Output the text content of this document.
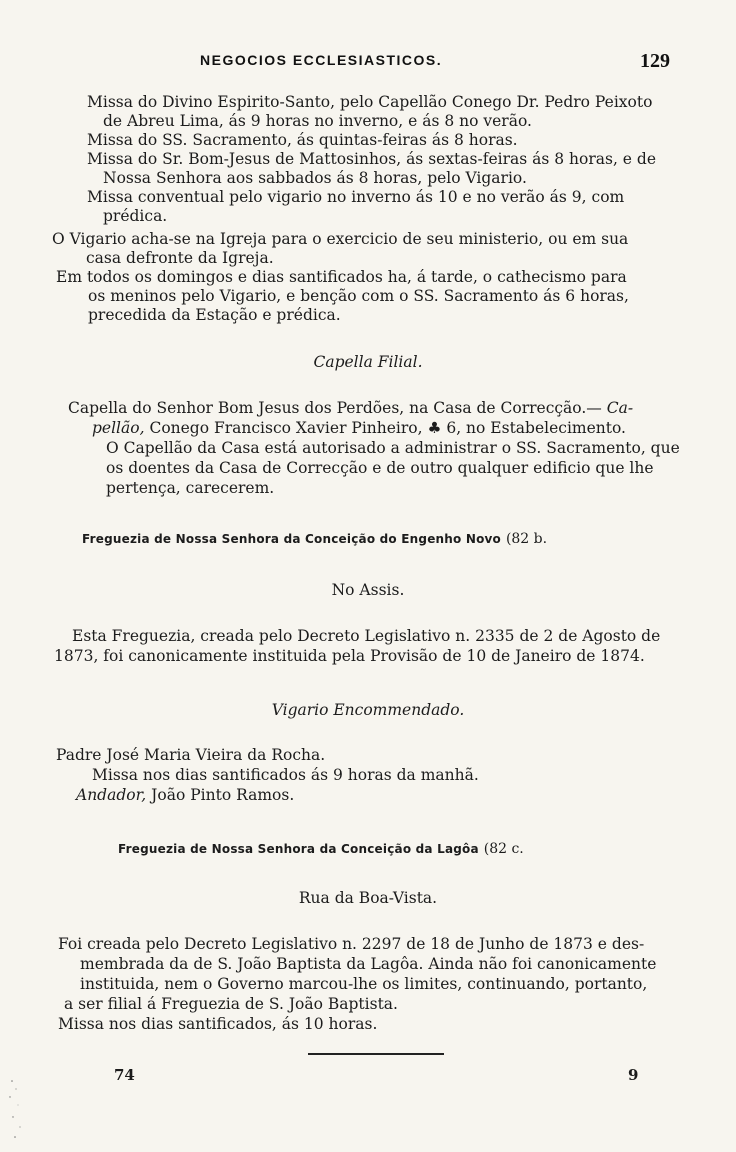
NEGOCIOS ECCLESIASTICOS.	129
Missa do Divino Espirito-Santo, pelo Capellão Conego Dr. Pedro Peixoto
de Abreu Lima, ás 9 horas no inverno, e ás 8 no verão.
Missa do SS. Sacramento, ás quintas-feiras ás 8 horas.
Missa do Sr. Bom-Jesus de Mattosinhos, ás sextas-feiras ás 8 horas, e de
Nossa Senhora aos sabbados ás 8 horas, pelo Vigario.
Missa conventual pelo vigario no inverno ás 10 e no verão ás 9, com
prédica.
O Vigario acha-se na Igreja para o exercicio de seu ministerio, ou em sua
casa defronte da Igreja.
Em todos os domingos e dias santificados ha, á tarde, o cathecismo para
os meninos pelo Vigario, e benção com o SS. Sacramento ás 6 horas,
precedida da Estação e prédica.
Capella Filial.
Capella do Senhor Bom Jesus dos Perdões, na Casa de Correcção.— Ca-
pellão, Conego Francisco Xavier Pinheiro, ♣ 6, no Estabelecimento.
O Capellão da Casa está autorisado a administrar o SS. Sacramento, que
os doentes da Casa de Correcção e de outro qualquer edificio que lhe
pertença, carecerem.
Freguezia de Nossa Senhora da Conceição do Engenho Novo (82 b.
No Assis.
Esta Freguezia, creada pelo Decreto Legislativo n. 2335 de 2 de Agosto de
1873, foi canonicamente instituida pela Provisão de 10 de Janeiro de 1874.
Vigario Encommendado.
Padre José Maria Vieira da Rocha.
Missa nos dias santificados ás 9 horas da manhã.
Andador, João Pinto Ramos.
Freguezia de Nossa Senhora da Conceição da Lagôa (82 c.
Rua da Boa-Vista.
Foi creada pelo Decreto Legislativo n. 2297 de 18 de Junho de 1873 e des-
membrada da de S. João Baptista da Lagôa. Ainda não foi canonicamente
instituida, nem o Governo marcou-lhe os limites, continuando, portanto,
a ser filial á Freguezia de S. João Baptista.
Missa nos dias santificados, ás 10 horas.
74	9
